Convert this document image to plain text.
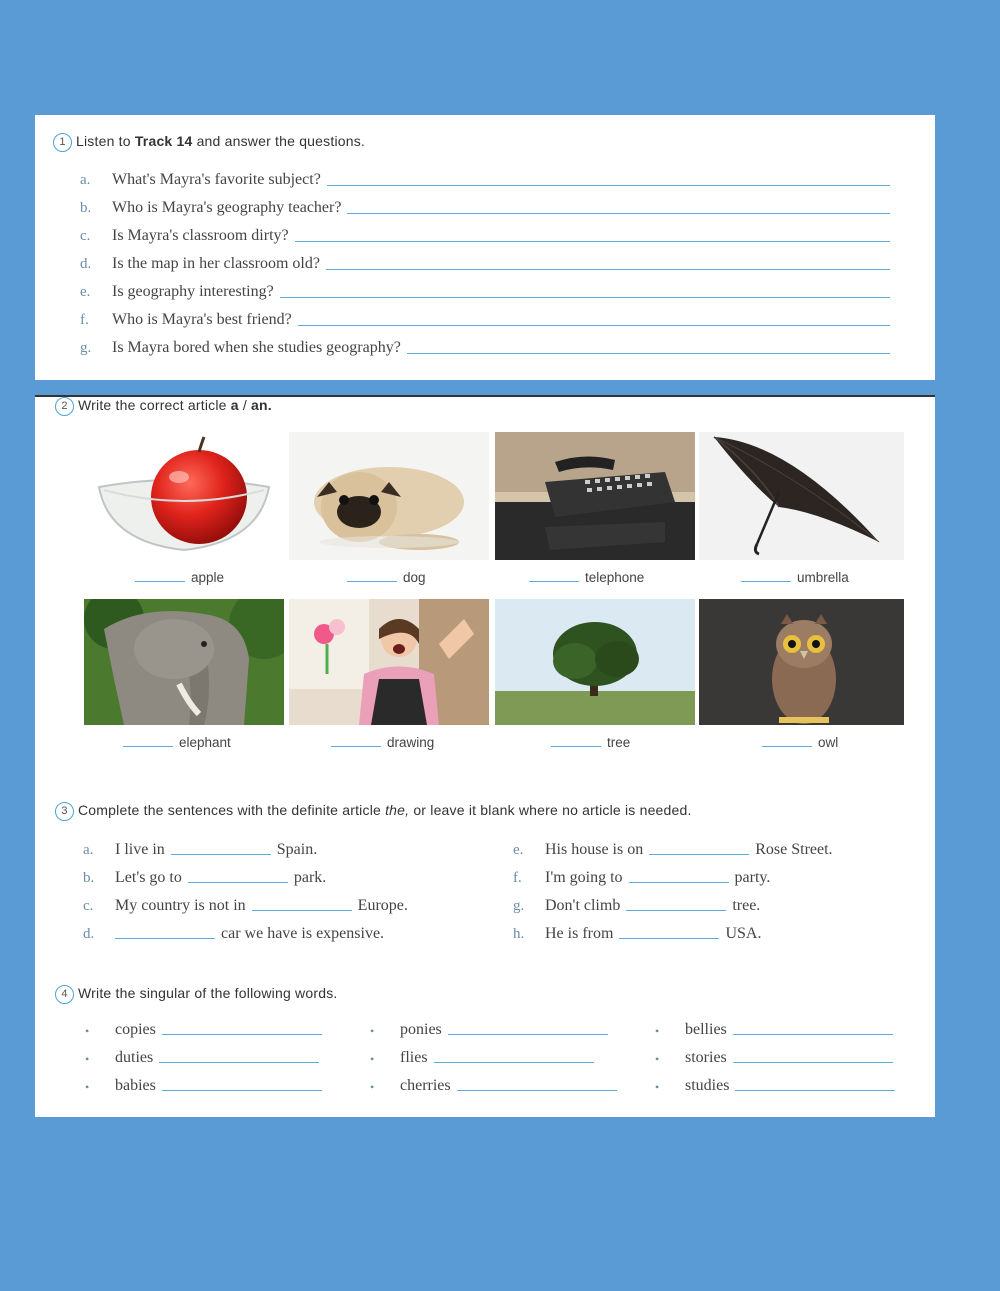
1 Listen to Track 14 and answer the questions.
a.	What's Mayra's favorite subject?
b.	Who is Mayra's geography teacher?
c.	Is Mayra's classroom dirty?
d.	Is the map in her classroom old?
e.	Is geography interesting?
f.	Who is Mayra's best friend?
g.	Is Mayra bored when she studies geography?
2 Write the correct article a / an.
apple	dog	telephone	umbrella
elephant	drawing	tree	owl
3 Complete the sentences with the definite article the, or leave it blank where no article is needed.
a.	I live in	Spain.
b.	Let's go to	park.
c.	My country is not in	Europe.
d.	car we have is expensive.
e.	His house is on	Rose Street.
f.	I'm going to	party.
g.	Don't climb	tree.
h.	He is from	USA.
4 Write the singular of the following words.
•	copies
•	duties
•	babies
•	ponies
•	flies
•	cherries
•	bellies
•	stories
•	studies
